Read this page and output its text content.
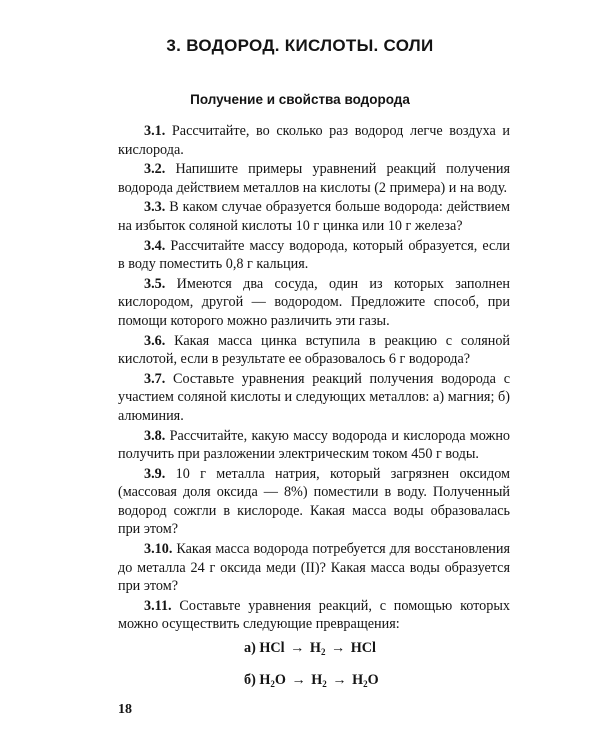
3. ВОДОРОД. КИСЛОТЫ. СОЛИ
Получение и свойства водорода

3.1. Рассчитайте, во сколько раз водород легче воздуха и кислорода.

3.2. Напишите примеры уравнений реакций получения водорода действием металлов на кислоты (2 примера) и на воду.

3.3. В каком случае образуется больше водорода: действием на избыток соляной кислоты 10 г цинка или 10 г железа?

3.4. Рассчитайте массу водорода, который образуется, если в воду поместить 0,8 г кальция.

3.5. Имеются два сосуда, один из которых заполнен кислородом, другой — водородом. Предложите способ, при помощи которого можно различить эти газы.

3.6. Какая масса цинка вступила в реакцию с соляной кислотой, если в результате ее образовалось 6 г водорода?

3.7. Составьте уравнения реакций получения водорода с участием соляной кислоты и следующих металлов: а) магния; б) алюминия.

3.8. Рассчитайте, какую массу водорода и кислорода можно получить при разложении электрическим током 450 г воды.

3.9. 10 г металла натрия, который загрязнен оксидом (массовая доля оксида — 8%) поместили в воду. Полученный водород сожгли в кислороде. Какая масса воды образовалась при этом?

3.10. Какая масса водорода потребуется для восстановления до металла 24 г оксида меди (II)? Какая масса воды образуется при этом?

3.11. Составьте уравнения реакций, с помощью которых можно осуществить следующие превращения:

а) HCl → $H_2$ → HCl
б) $H_2O \to H_2 \to H_2O$
18
